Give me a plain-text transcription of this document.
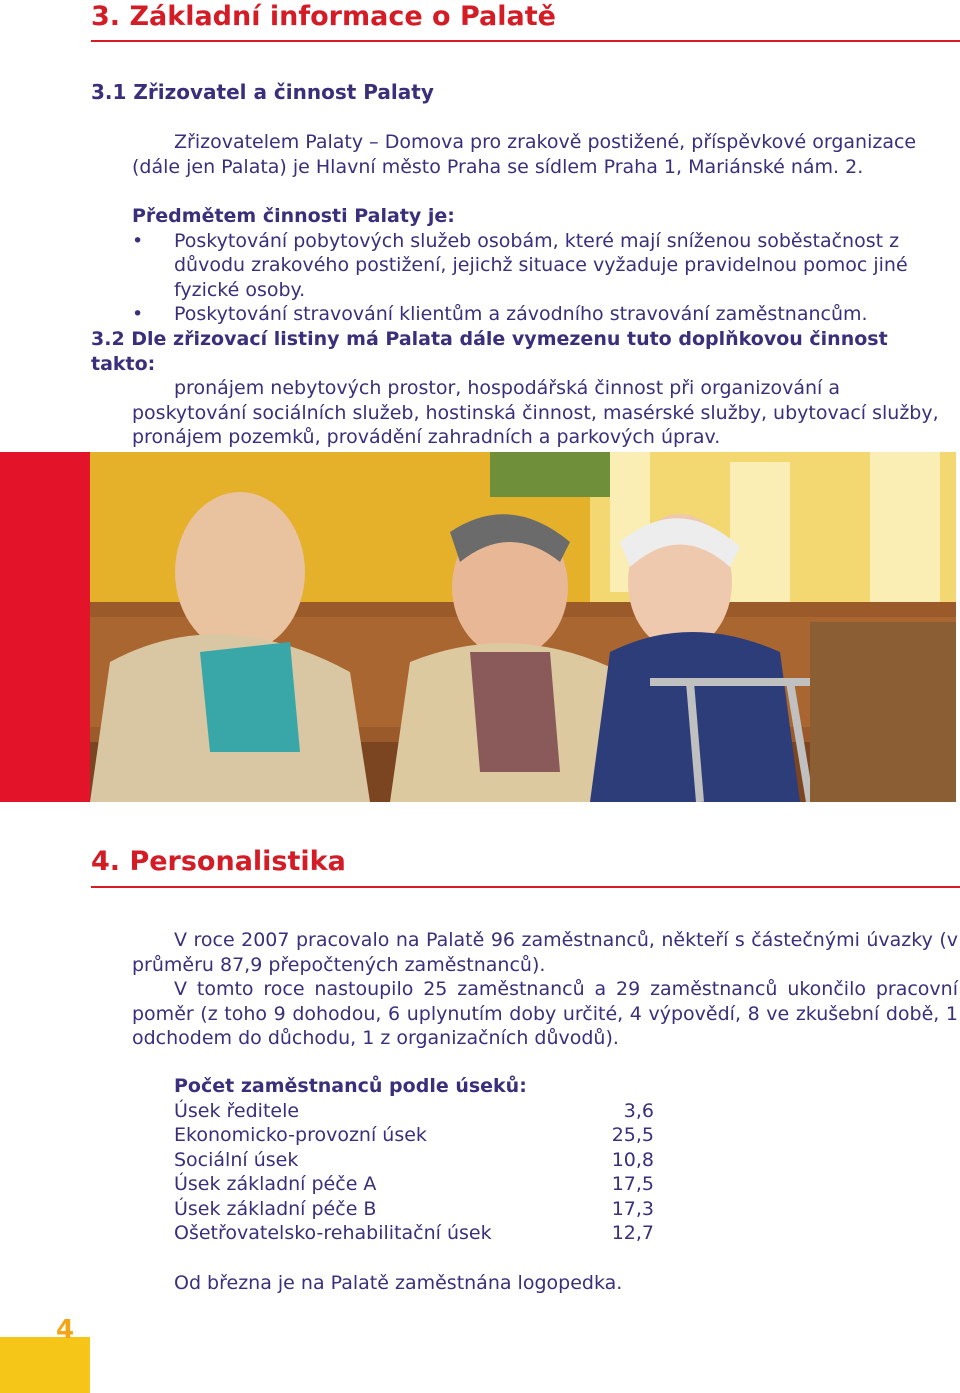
4
3. Základní informace o Palatě
3.1 Zřizovatel a činnost Palaty
Zřizovatelem Palaty – Domova pro zrakově postižené, příspěvkové organizace (dále jen Palata) je Hlavní město Praha se sídlem Praha 1, Mariánské nám. 2.
Předmětem činnosti Palaty je:
• Poskytování pobytových služeb osobám, které mají sníženou soběstačnost z důvodu zrakového postižení, jejichž situace vyžaduje pravidelnou pomoc jiné fyzické osoby.
• Poskytování stravování klientům a závodního stravování zaměstnancům.
3.2 Dle zřizovací listiny má Palata dále vymezenu tuto doplňkovou činnost takto:
pronájem nebytových prostor, hospodářská činnost při organizování a poskytování sociálních služeb, hostinská činnost, masérské služby, ubytovací služby, pronájem pozemků, provádění zahradních a parkových úprav.
4. Personalistika
V roce 2007 pracovalo na Palatě 96 zaměstnanců, někteří s částečnými úvazky (v průměru 87,9 přepočtených zaměstnanců).
V tomto roce nastoupilo 25 zaměstnanců a 29 zaměstnanců ukončilo pracovní poměr (z toho 9 dohodou, 6 uplynutím doby určité, 4 výpovědí, 8 ve zkušební době, 1 odchodem do důchodu, 1 z organizačních důvodů).
Počet zaměstnanců podle úseků:
Úsek ředitele	3,6
Ekonomicko-provozní úsek	25,5
Sociální úsek	10,8
Úsek základní péče A	17,5
Úsek základní péče B	17,3
Ošetřovatelsko-rehabilitační úsek	12,7
Od března je na Palatě zaměstnána logopedka.
